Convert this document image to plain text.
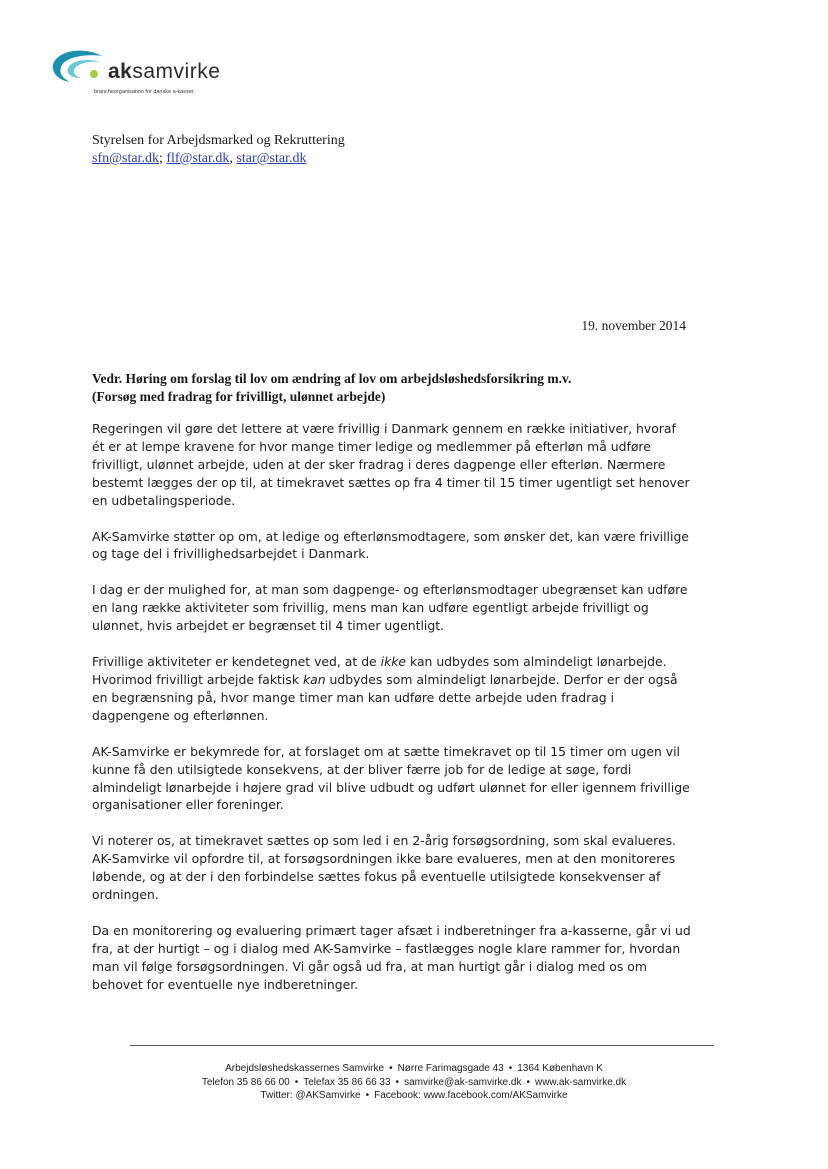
aksamvirke
brancheorganisation for danske a-kasser
Styrelsen for Arbejdsmarked og Rekruttering
sfn@star.dk; flf@star.dk, star@star.dk
19. november 2014
Vedr. Høring om forslag til lov om ændring af lov om arbejdsløshedsforsikring m.v.
(Forsøg med fradrag for frivilligt, ulønnet arbejde)

Regeringen vil gøre det lettere at være frivillig i Danmark gennem en række initiativer, hvoraf ét er at lempe kravene for hvor mange timer ledige og medlemmer på efterløn må udføre frivilligt, ulønnet arbejde, uden at der sker fradrag i deres dagpenge eller efterløn. Nærmere bestemt lægges der op til, at timekravet sættes op fra 4 timer til 15 timer ugentligt set henover en udbetalingsperiode.

AK-Samvirke støtter op om, at ledige og efterlønsmodtagere, som ønsker det, kan være frivillige og tage del i frivillighedsarbejdet i Danmark.

I dag er der mulighed for, at man som dagpenge- og efterlønsmodtager ubegrænset kan udføre en lang række aktiviteter som frivillig, mens man kan udføre egentligt arbejde frivilligt og ulønnet, hvis arbejdet er begrænset til 4 timer ugentligt.

Frivillige aktiviteter er kendetegnet ved, at de ikke kan udbydes som almindeligt lønarbejde. Hvorimod frivilligt arbejde faktisk kan udbydes som almindeligt lønarbejde. Derfor er der også en begrænsning på, hvor mange timer man kan udføre dette arbejde uden fradrag i dagpengene og efterlønnen.

AK-Samvirke er bekymrede for, at forslaget om at sætte timekravet op til 15 timer om ugen vil kunne få den utilsigtede konsekvens, at der bliver færre job for de ledige at søge, fordi almindeligt lønarbejde i højere grad vil blive udbudt og udført ulønnet for eller igennem frivillige organisationer eller foreninger.

Vi noterer os, at timekravet sættes op som led i en 2-årig forsøgsordning, som skal evalueres. AK-Samvirke vil opfordre til, at forsøgsordningen ikke bare evalueres, men at den monitoreres løbende, og at der i den forbindelse sættes fokus på eventuelle utilsigtede konsekvenser af ordningen.

Da en monitorering og evaluering primært tager afsæt i indberetninger fra a-kasserne, går vi ud fra, at der hurtigt – og i dialog med AK-Samvirke – fastlægges nogle klare rammer for, hvordan man vil følge forsøgsordningen. Vi går også ud fra, at man hurtigt går i dialog med os om behovet for eventuelle nye indberetninger.

Arbejdsløshedskassernes Samvirke • Nørre Farimagsgade 43 • 1364 København K
Telefon 35 86 66 00 • Telefax 35 86 66 33 • samvirke@ak-samvirke.dk • www.ak-samvirke.dk
Twitter: @AKSamvirke • Facebook: www.facebook.com/AKSamvirke
